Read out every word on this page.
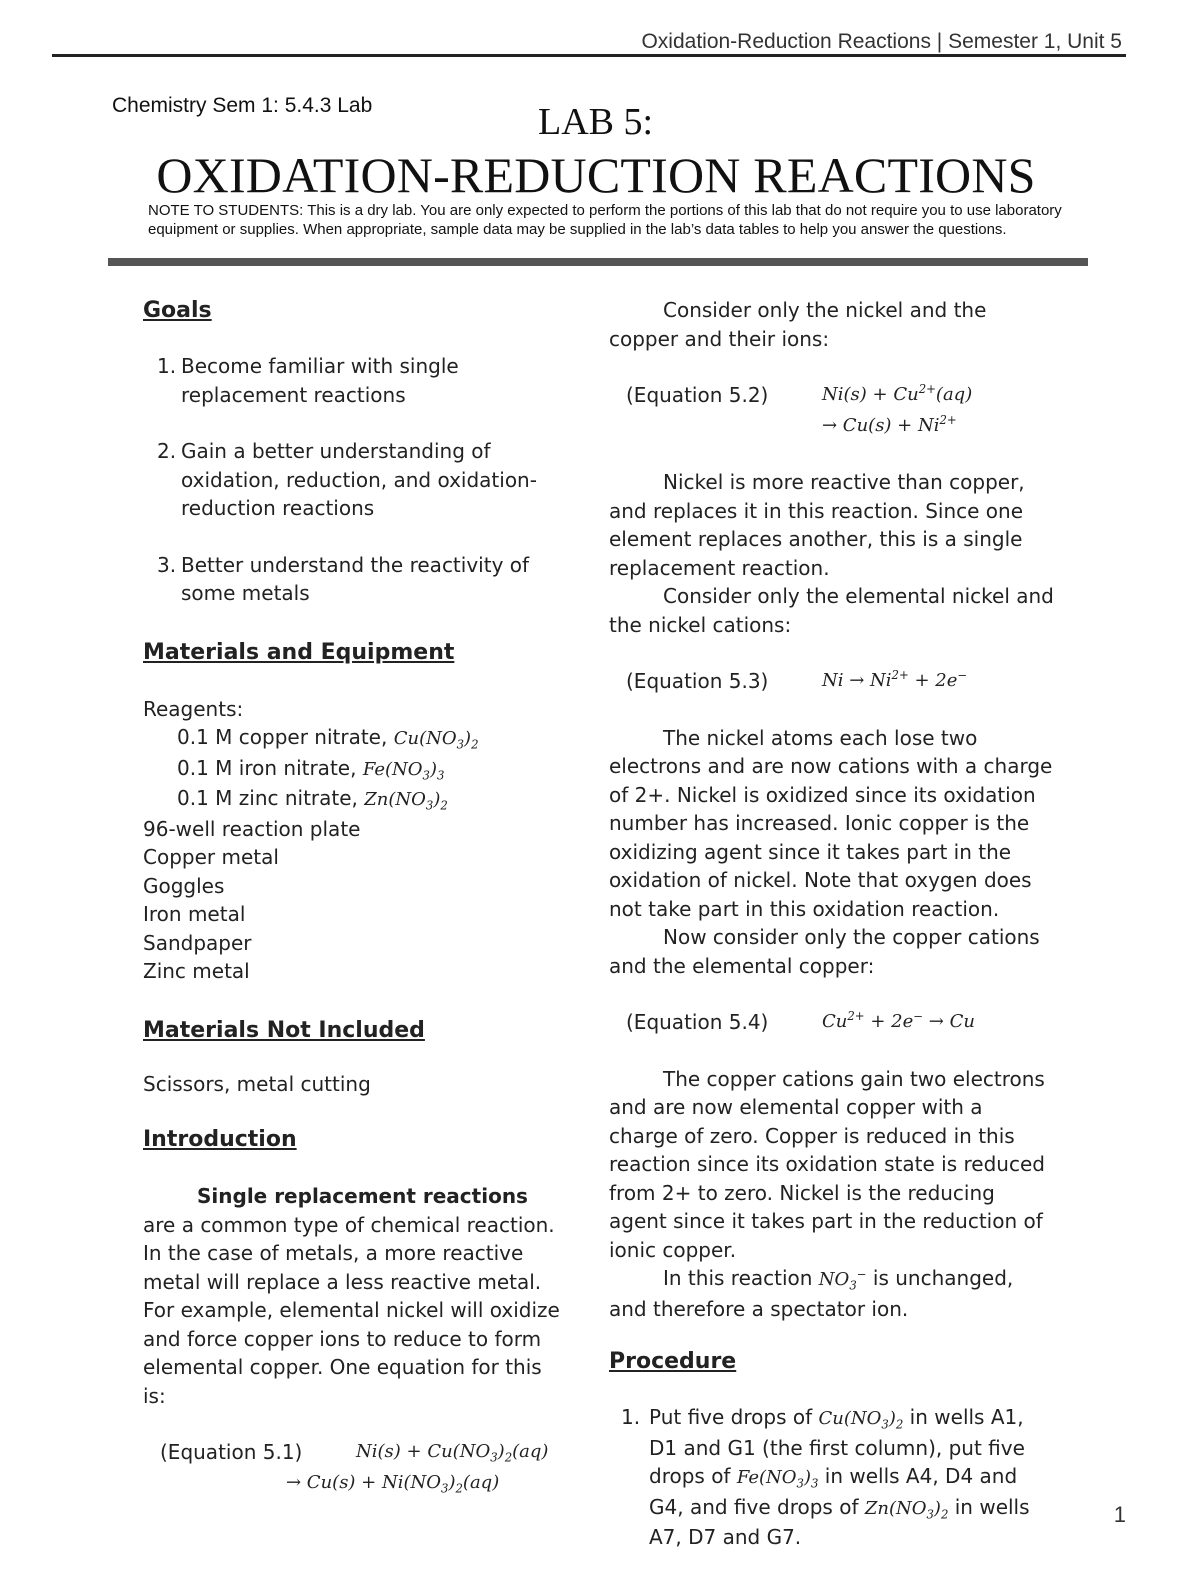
Oxidation-Reduction Reactions | Semester 1, Unit 5
Chemistry Sem 1: 5.4.3 Lab	LAB 5:
OXIDATION-REDUCTION REACTIONS
NOTE TO STUDENTS: This is a dry lab. You are only expected to perform the portions of this lab that do not require you to use laboratory equipment or supplies. When appropriate, sample data may be supplied in the lab’s data tables to help you answer the questions.

Goals

1. Become familiar with single replacement reactions
2. Gain a better understanding of oxidation, reduction, and oxidation-reduction reactions
3. Better understand the reactivity of some metals

Materials and Equipment

Reagents:

0.1 M copper nitrate, $Cu(NO_3)_2$

0.1 M iron nitrate, $Fe(NO_3)_3$

0.1 M zinc nitrate, $Zn(NO_3)_2$

96-well reaction plate

Copper metal

Goggles

Iron metal

Sandpaper

Zinc metal

Materials Not Included

Scissors, metal cutting

Introduction

Single replacement reactions are a common type of chemical reaction. In the case of metals, a more reactive metal will replace a less reactive metal. For example, elemental nickel will oxidize and force copper ions to reduce to form elemental copper. One equation for this is:

(Equation 5.1)	$Ni(s) + Cu(NO_3)_2(aq)$
→ $Cu(s) + Ni(NO_3)_2(aq)$

Consider only the nickel and the copper and their ions:

(Equation 5.2)	$Ni(s) + Cu^{2+}(aq)$
→ $Cu(s) + Ni^{2+}$

Nickel is more reactive than copper, and replaces it in this reaction. Since one element replaces another, this is a single replacement reaction.

Consider only the elemental nickel and the nickel cations:

(Equation 5.3)	$Ni \to Ni^{2+} + 2e^-$

The nickel atoms each lose two electrons and are now cations with a charge of 2+. Nickel is oxidized since its oxidation number has increased. Ionic copper is the oxidizing agent since it takes part in the oxidation of nickel. Note that oxygen does not take part in this oxidation reaction.

Now consider only the copper cations and the elemental copper:

(Equation 5.4)	$Cu^{2+} + 2e^- \to Cu$

The copper cations gain two electrons and are now elemental copper with a charge of zero. Copper is reduced in this reaction since its oxidation state is reduced from 2+ to zero. Nickel is the reducing agent since it takes part in the reduction of ionic copper.

In this reaction $NO_3^-$ is unchanged, and therefore a spectator ion.

Procedure

1. Put five drops of $Cu(NO_3)_2$ in wells A1, D1 and G1 (the first column), put five drops of $Fe(NO_3)_3$ in wells A4, D4 and G4, and five drops of $Zn(NO_3)_2$ in wells A7, D7 and G7.
1
